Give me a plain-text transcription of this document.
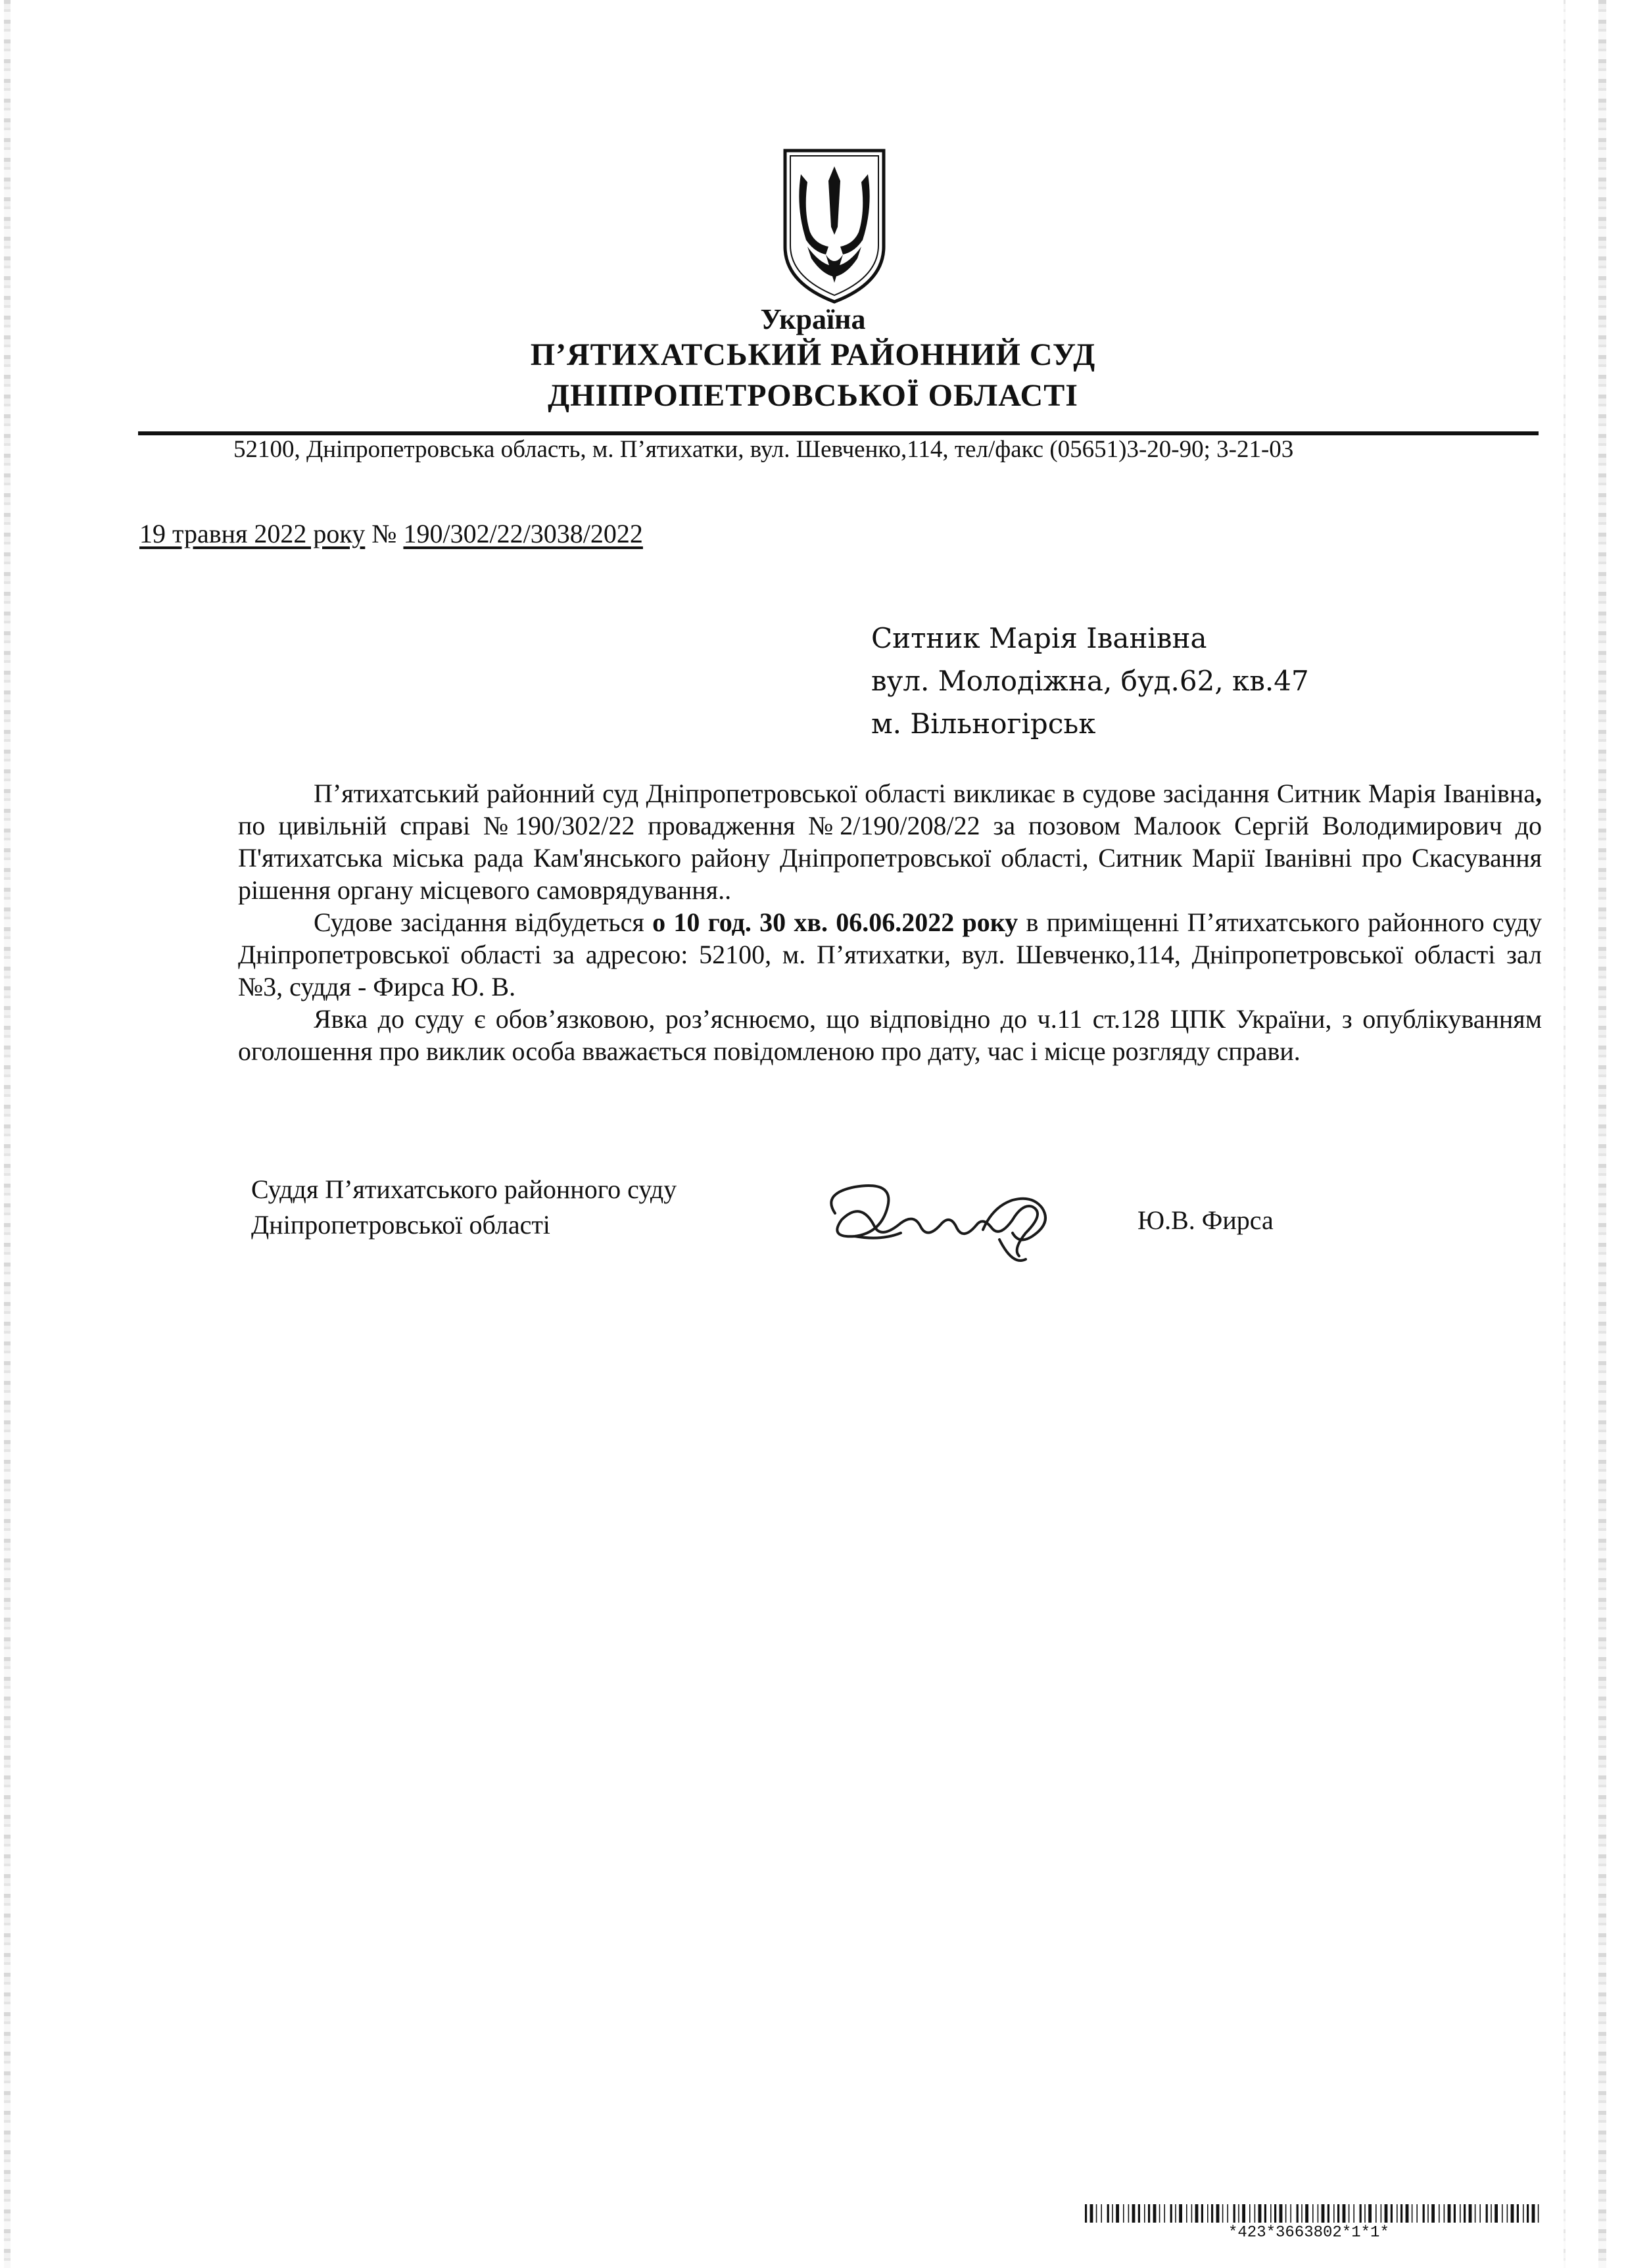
Україна
П’ЯТИХАТСЬКИЙ РАЙОННИЙ СУД
ДНІПРОПЕТРОВСЬКОЇ ОБЛАСТІ
52100, Дніпропетровська область, м. П’ятихатки, вул. Шевченко,114, тел/факс (05651)3-20-90; 3-21-03
19 травня 2022 року № 190/302/22/3038/2022
Ситник Марія Іванівна
вул. Молодіжна, буд.62, кв.47
м. Вільногірськ

П’ятихатський районний суд Дніпропетровської області викликає в судове засідання Ситник Марія Іванівна, по цивільній справі №190/302/22 провадження №2/190/208/22 за позовом Малоок Сергій Володимирович до П'ятихатська міська рада Кам'янського району Дніпропетровської області, Ситник Марії Іванівні про Скасування рішення органу місцевого самоврядування..

Судове засідання відбудеться о 10 год. 30 хв. 06.06.2022 року в приміщенні П’ятихатського районного суду Дніпропетровської області за адресою: 52100, м. П’ятихатки, вул. Шевченко,114, Дніпропетровської області зал №3, суддя - Фирса Ю. В.

Явка до суду є обов’язковою, роз’яснюємо, що відповідно до ч.11 ст.128 ЦПК України, з опублікуванням оголошення про виклик особа вважається повідомленою про дату, час і місце розгляду справи.

Суддя П’ятихатського районного суду
Дніпропетровської області	Ю.В. Фирса
*423*3663802*1*1*
